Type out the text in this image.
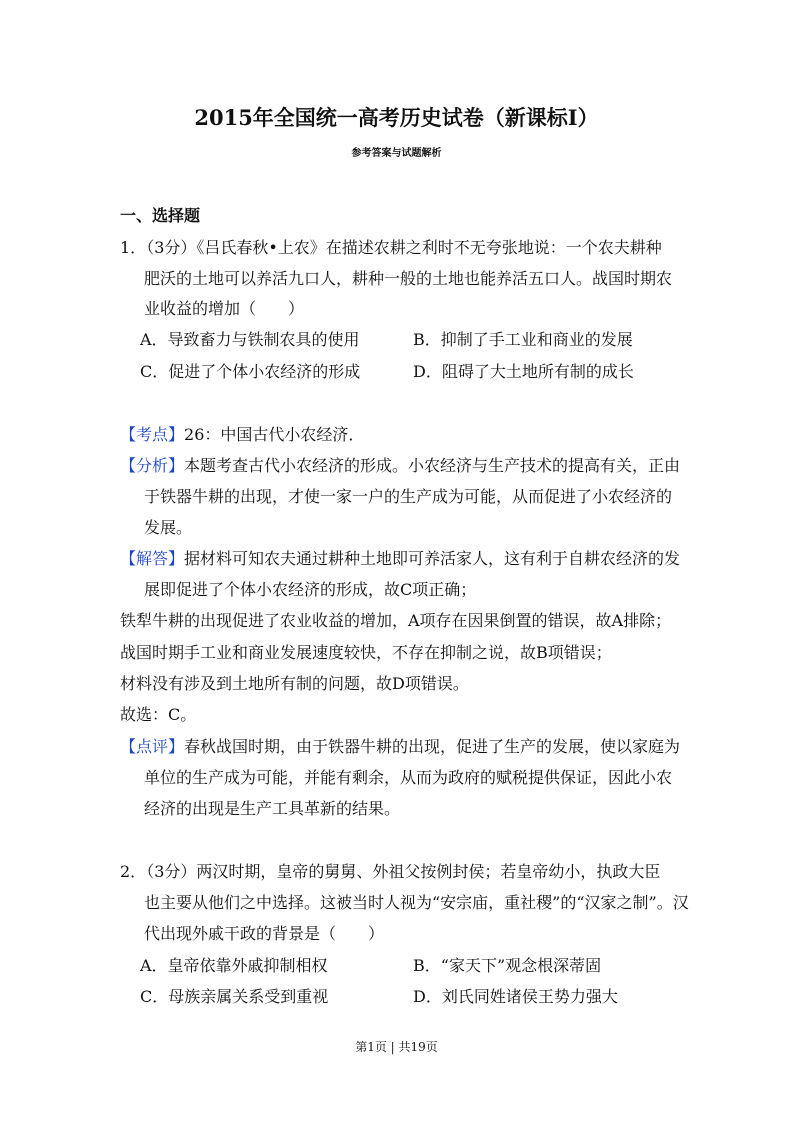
2015年全国统一高考历史试卷（新课标I）
参考答案与试题解析
一、选择题
1．（3分）《吕氏春秋•上农》在描述农耕之利时不无夸张地说：一个农夫耕种
肥沃的土地可以养活九口人，耕种一般的土地也能养活五口人。战国时期农
业收益的增加（　　）
A．导致畜力与铁制农具的使用	B．抑制了手工业和商业的发展
C．促进了个体小农经济的形成	D．阻碍了大土地所有制的成长
【考点】26：中国古代小农经济．
【分析】本题考查古代小农经济的形成。小农经济与生产技术的提高有关，正由
于铁器牛耕的出现，才使一家一户的生产成为可能，从而促进了小农经济的
发展。
【解答】据材料可知农夫通过耕种土地即可养活家人，这有利于自耕农经济的发
展即促进了个体小农经济的形成，故C项正确；
铁犁牛耕的出现促进了农业收益的增加，A项存在因果倒置的错误，故A排除；
战国时期手工业和商业发展速度较快，不存在抑制之说，故B项错误；
材料没有涉及到土地所有制的问题，故D项错误。
故选：C。
【点评】春秋战国时期，由于铁器牛耕的出现，促进了生产的发展，使以家庭为
单位的生产成为可能，并能有剩余，从而为政府的赋税提供保证，因此小农
经济的出现是生产工具革新的结果。
2．（3分）两汉时期，皇帝的舅舅、外祖父按例封侯；若皇帝幼小，执政大臣
也主要从他们之中选择。这被当时人视为“安宗庙，重社稷”的“汉家之制”。汉
代出现外戚干政的背景是（　　）
A．皇帝依靠外戚抑制相权	B．“家天下”观念根深蒂固
C．母族亲属关系受到重视	D．刘氏同姓诸侯王势力强大
第1页 | 共19页
